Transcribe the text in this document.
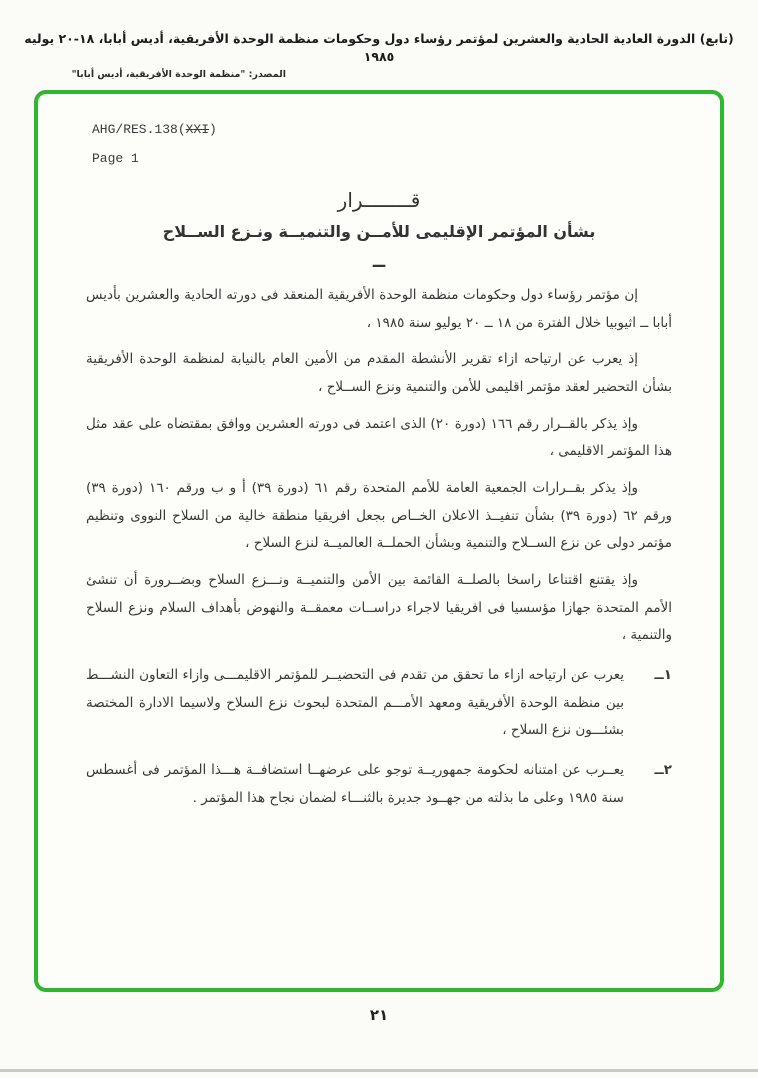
(تابع) الدورة العادية الحادية والعشرين لمؤتمر رؤساء دول وحكومات منظمة الوحدة الأفريقية، أديس أبابا، ١٨-٢٠ يوليه ١٩٨٥
المصدر: "منظمة الوحدة الأفريقية، أديس أبابا"
AHG/RES.138(XXI)
Page 1
قــــــــرار
بشأن المؤتمر الإقليمى للأمــن والتنميــة ونـزع الســلاح
ــ

إن مؤتمر رؤساء دول وحكومات منظمة الوحدة الأفريقية المنعقد فى دورته الحادية والعشرين بأديس أبابا ــ اثيوبيا خلال الفترة من ١٨ ــ ٢٠ يوليو سنة ١٩٨٥ ،

إذ يعرب عن ارتياحه ازاء تقرير الأنشطة المقدم من الأمين العام بالنيابة لمنظمة الوحدة الأفريقية بشأن التحضير لعقد مؤتمر اقليمى للأمن والتنمية ونزع الســلاح ،

وإذ يذكر بالقــرار رقم ١٦٦ (دورة ٢٠) الذى اعتمد فى دورته العشرين ووافق بمقتضاه على عقد مثل هذا المؤتمر الاقليمى ،

وإذ يذكر بقــرارات الجمعية العامة للأمم المتحدة رقم ٦١ (دورة ٣٩) أ و ب ورقم ١٦٠ (دورة ٣٩) ورقم ٦٢ (دورة ٣٩) بشأن تنفيــذ الاعلان الخــاص بجعل افريقيا منطقة خالية من السلاح النووى وتنظيم مؤتمر دولى عن نزع الســلاح والتنمية وبشأن الحملــة العالميــة لنزع السلاح ،

وإذ يقتنع اقتناعا راسخا بالصلــة القائمة بين الأمن والتنميــة ونـــزع السلاح وبضــرورة أن تنشئ الأمم المتحدة جهازا مؤسسيا فى افريقيا لاجراء دراســات معمقــة والنهوض بأهداف السلام ونزع السلاح والتنمية ،

١ــ
يعرب عن ارتياحه ازاء ما تحقق من تقدم فى التحضيــر للمؤتمر الاقليمـــى وازاء التعاون النشـــط بين منظمة الوحدة الأفريقية ومعهد الأمـــم المتحدة لبحوث نزع السلاح ولاسيما الادارة المختصة بشئـــون نزع السلاح ،
٢ــ
يعــرب عن امتنانه لحكومة جمهوريــة توجو على عرضهــا استضافــة هـــذا المؤتمر فى أغسطس سنة ١٩٨٥ وعلى ما بذلته من جهــود جديرة بالثنـــاء لضمان نجاح هذا المؤتمر .
٢١
